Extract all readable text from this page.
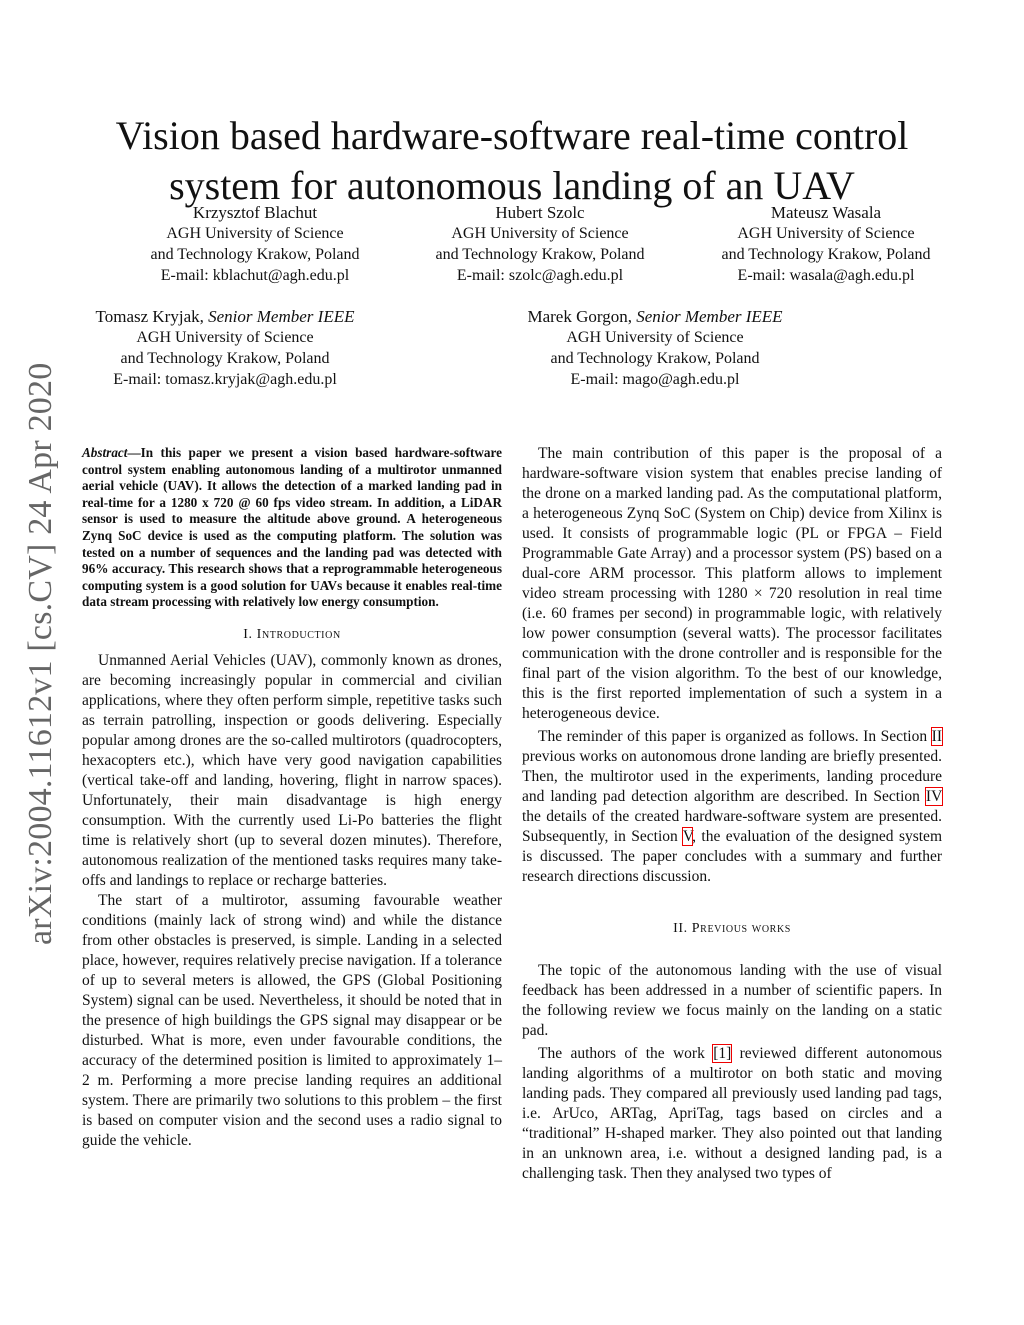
arXiv:2004.11612v1 [cs.CV] 24 Apr 2020
Vision based hardware-software real-time control system for autonomous landing of an UAV
Krzysztof Blachut
AGH University of Science
and Technology Krakow, Poland
E-mail: kblachut@agh.edu.pl
Hubert Szolc
AGH University of Science
and Technology Krakow, Poland
E-mail: szolc@agh.edu.pl
Mateusz Wasala
AGH University of Science
and Technology Krakow, Poland
E-mail: wasala@agh.edu.pl
Tomasz Kryjak, Senior Member IEEE
AGH University of Science
and Technology Krakow, Poland
E-mail: tomasz.kryjak@agh.edu.pl
Marek Gorgon, Senior Member IEEE
AGH University of Science
and Technology Krakow, Poland
E-mail: mago@agh.edu.pl
Abstract—In this paper we present a vision based hardware-software control system enabling autonomous landing of a multirotor unmanned aerial vehicle (UAV). It allows the detection of a marked landing pad in real-time for a 1280 x 720 @ 60 fps video stream. In addition, a LiDAR sensor is used to measure the altitude above ground. A heterogeneous Zynq SoC device is used as the computing platform. The solution was tested on a number of sequences and the landing pad was detected with 96% accuracy. This research shows that a reprogrammable heterogeneous computing system is a good solution for UAVs because it enables real-time data stream processing with relatively low energy consumption.
I. Introduction

Unmanned Aerial Vehicles (UAV), commonly known as drones, are becoming increasingly popular in commercial and civilian applications, where they often perform simple, repetitive tasks such as terrain patrolling, inspection or goods delivering. Especially popular among drones are the so-called multirotors (quadrocopters, hexacopters etc.), which have very good navigation capabilities (vertical take-off and landing, hovering, flight in narrow spaces). Unfortunately, their main disadvantage is high energy consumption. With the currently used Li-Po batteries the flight time is relatively short (up to several dozen minutes). Therefore, autonomous realization of the mentioned tasks requires many take-offs and landings to replace or recharge batteries.

The start of a multirotor, assuming favourable weather conditions (mainly lack of strong wind) and while the distance from other obstacles is preserved, is simple. Landing in a selected place, however, requires relatively precise navigation. If a tolerance of up to several meters is allowed, the GPS (Global Positioning System) signal can be used. Nevertheless, it should be noted that in the presence of high buildings the GPS signal may disappear or be disturbed. What is more, even under favourable conditions, the accuracy of the determined position is limited to approximately 1–2 m. Performing a more precise landing requires an additional system. There are primarily two solutions to this problem – the first is based on computer vision and the second uses a radio signal to guide the vehicle.

The main contribution of this paper is the proposal of a hardware-software vision system that enables precise landing of the drone on a marked landing pad. As the computational platform, a heterogeneous Zynq SoC (System on Chip) device from Xilinx is used. It consists of programmable logic (PL or FPGA – Field Programmable Gate Array) and a processor system (PS) based on a dual-core ARM processor. This platform allows to implement video stream processing with 1280 × 720 resolution in real time (i.e. 60 frames per second) in programmable logic, with relatively low power consumption (several watts). The processor facilitates communication with the drone controller and is responsible for the final part of the vision algorithm. To the best of our knowledge, this is the first reported implementation of such a system in a heterogeneous device.

The reminder of this paper is organized as follows. In Section II previous works on autonomous drone landing are briefly presented. Then, the multirotor used in the experiments, landing procedure and landing pad detection algorithm are described. In Section IV the details of the created hardware-software system are presented. Subsequently, in Section V, the evaluation of the designed system is discussed. The paper concludes with a summary and further research directions discussion.

II. Previous works

The topic of the autonomous landing with the use of visual feedback has been addressed in a number of scientific papers. In the following review we focus mainly on the landing on a static pad.

The authors of the work [1] reviewed different autonomous landing algorithms of a multirotor on both static and moving landing pads. They compared all previously used landing pad tags, i.e. ArUco, ARTag, ApriTag, tags based on circles and a “traditional” H-shaped marker. They also pointed out that landing in an unknown area, i.e. without a designed landing pad, is a challenging task. Then they analysed two types of
